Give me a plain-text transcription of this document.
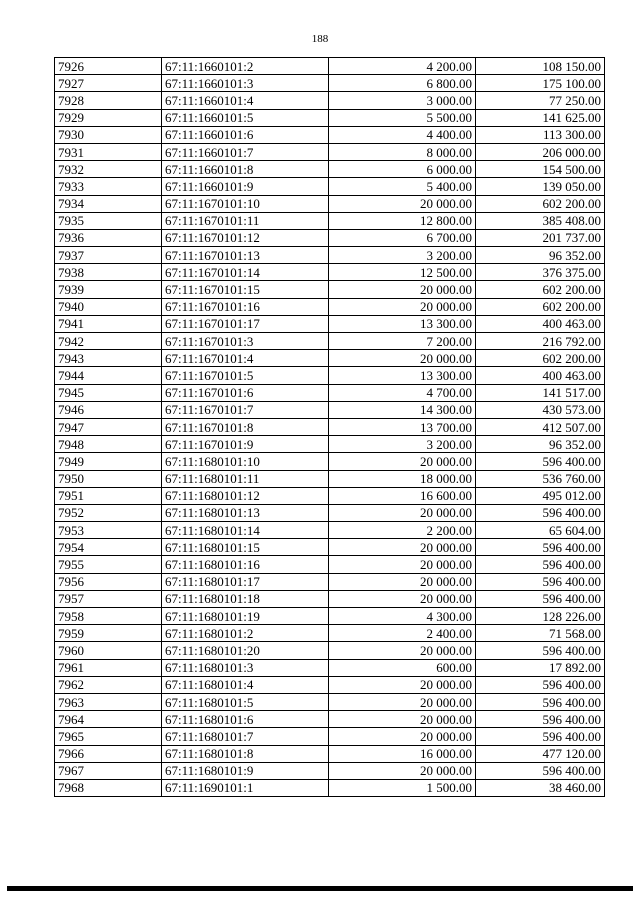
188
7926	67:11:1660101:2	4 200.00	108 150.00
7927	67:11:1660101:3	6 800.00	175 100.00
7928	67:11:1660101:4	3 000.00	77 250.00
7929	67:11:1660101:5	5 500.00	141 625.00
7930	67:11:1660101:6	4 400.00	113 300.00
7931	67:11:1660101:7	8 000.00	206 000.00
7932	67:11:1660101:8	6 000.00	154 500.00
7933	67:11:1660101:9	5 400.00	139 050.00
7934	67:11:1670101:10	20 000.00	602 200.00
7935	67:11:1670101:11	12 800.00	385 408.00
7936	67:11:1670101:12	6 700.00	201 737.00
7937	67:11:1670101:13	3 200.00	96 352.00
7938	67:11:1670101:14	12 500.00	376 375.00
7939	67:11:1670101:15	20 000.00	602 200.00
7940	67:11:1670101:16	20 000.00	602 200.00
7941	67:11:1670101:17	13 300.00	400 463.00
7942	67:11:1670101:3	7 200.00	216 792.00
7943	67:11:1670101:4	20 000.00	602 200.00
7944	67:11:1670101:5	13 300.00	400 463.00
7945	67:11:1670101:6	4 700.00	141 517.00
7946	67:11:1670101:7	14 300.00	430 573.00
7947	67:11:1670101:8	13 700.00	412 507.00
7948	67:11:1670101:9	3 200.00	96 352.00
7949	67:11:1680101:10	20 000.00	596 400.00
7950	67:11:1680101:11	18 000.00	536 760.00
7951	67:11:1680101:12	16 600.00	495 012.00
7952	67:11:1680101:13	20 000.00	596 400.00
7953	67:11:1680101:14	2 200.00	65 604.00
7954	67:11:1680101:15	20 000.00	596 400.00
7955	67:11:1680101:16	20 000.00	596 400.00
7956	67:11:1680101:17	20 000.00	596 400.00
7957	67:11:1680101:18	20 000.00	596 400.00
7958	67:11:1680101:19	4 300.00	128 226.00
7959	67:11:1680101:2	2 400.00	71 568.00
7960	67:11:1680101:20	20 000.00	596 400.00
7961	67:11:1680101:3	600.00	17 892.00
7962	67:11:1680101:4	20 000.00	596 400.00
7963	67:11:1680101:5	20 000.00	596 400.00
7964	67:11:1680101:6	20 000.00	596 400.00
7965	67:11:1680101:7	20 000.00	596 400.00
7966	67:11:1680101:8	16 000.00	477 120.00
7967	67:11:1680101:9	20 000.00	596 400.00
7968	67:11:1690101:1	1 500.00	38 460.00
